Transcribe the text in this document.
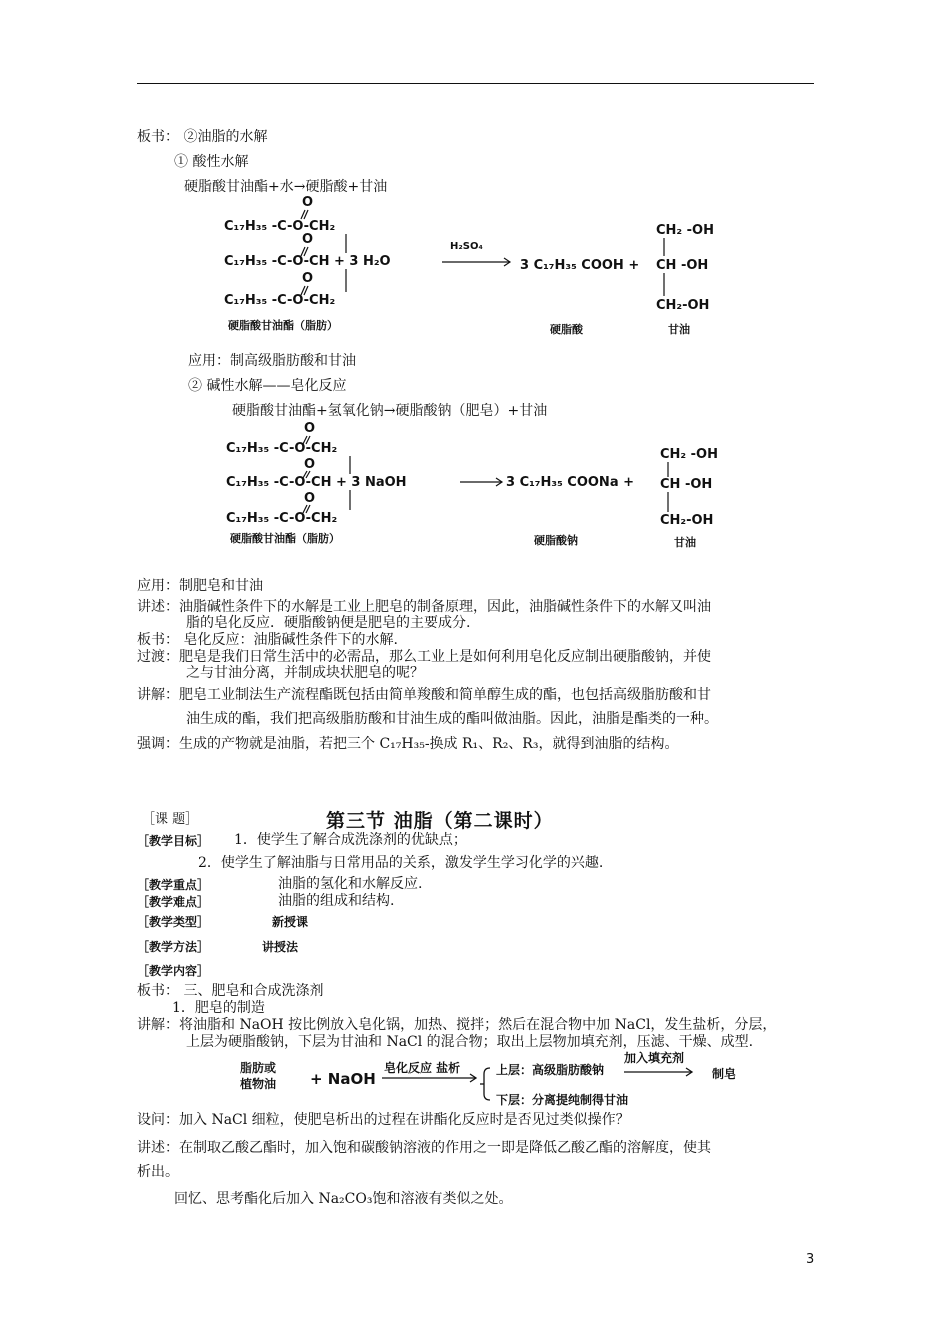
板书： ②油脂的水解
① 酸性水解
硬脂酸甘油酯+水→硬脂酸+甘油
O
O
O
C₁₇H₃₅ -C-O-CH₂
C₁₇H₃₅ -C-O-CH + 3 H₂O
C₁₇H₃₅ -C-O-CH₂
H₂SO₄
3 C₁₇H₃₅ COOH +
CH₂ -OH
CH -OH
CH₂-OH
硬脂酸甘油酯（脂肪）	硬脂酸	甘油
应用：制高级脂肪酸和甘油
② 碱性水解——皂化反应
硬脂酸甘油酯+氢氧化钠→硬脂酸钠（肥皂）+甘油
O
O
O
C₁₇H₃₅ -C-O-CH₂
C₁₇H₃₅ -C-O-CH + 3 NaOH
C₁₇H₃₅ -C-O-CH₂
3 C₁₇H₃₅ COONa +
CH₂ -OH
CH -OH
CH₂-OH
硬脂酸甘油酯（脂肪）	硬脂酸钠	甘油
应用：制肥皂和甘油
讲述：油脂碱性条件下的水解是工业上肥皂的制备原理，因此，油脂碱性条件下的水解又叫油
脂的皂化反应．硬脂酸钠便是肥皂的主要成分.
板书： 皂化反应：油脂碱性条件下的水解.
过渡：肥皂是我们日常生活中的必需品，那么工业上是如何利用皂化反应制出硬脂酸钠，并使
之与甘油分离，并制成块状肥皂的呢？
讲解：肥皂工业制法生产流程酯既包括由简单羧酸和简单醇生成的酯，也包括高级脂肪酸和甘
油生成的酯，我们把高级脂肪酸和甘油生成的酯叫做油脂。因此，油脂是酯类的一种。
强调：生成的产物就是油脂，若把三个 C₁₇H₃₅-换成 R₁、R₂、R₃，就得到油脂的结构。
［课 题］	第三节 油脂（第二课时）
［教学目标］ 1．使学生了解合成洗涤剂的优缺点；
2．使学生了解油脂与日常用品的关系，激发学生学习化学的兴趣.
［教学重点］	油脂的氢化和水解反应.
［教学难点］	油脂的组成和结构.
［教学类型］	新授课
［教学方法］	讲授法
［教学内容］
板书： 三、肥皂和合成洗涤剂
1．肥皂的制造
讲解：将油脂和 NaOH 按比例放入皂化锅，加热、搅拌；然后在混合物中加 NaCl，发生盐析，分层，
上层为硬脂酸钠，下层为甘油和 NaCl 的混合物；取出上层物加填充剂，压滤、干燥、成型.
脂肪或
植物油 + NaOH
皂化反应 盐析	上层：高级脂肪酸钠
加入填充剂
制皂
下层：分离提纯制得甘油
设问：加入 NaCl 细粒，使肥皂析出的过程在讲酯化反应时是否见过类似操作？
讲述：在制取乙酸乙酯时，加入饱和碳酸钠溶液的作用之一即是降低乙酸乙酯的溶解度，使其
析出。
回忆、思考酯化后加入 Na₂CO₃饱和溶液有类似之处。
3
